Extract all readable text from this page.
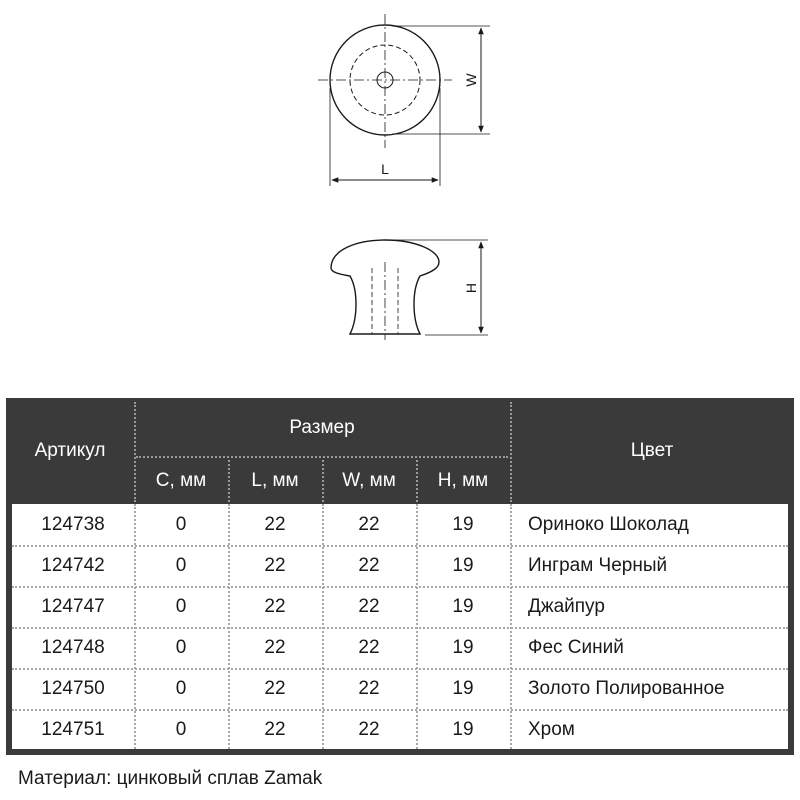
W
L
H
Артикул
Размер
Цвет
C, мм	L, мм	W, мм	H, мм
124738	0	22	22	19	Ориноко Шоколад
124742	0	22	22	19	Инграм Черный
124747	0	22	22	19	Джайпур
124748	0	22	22	19	Фес Синий
124750	0	22	22	19	Золото Полированное
124751	0	22	22	19	Хром
Материал: цинковый сплав Zamak
